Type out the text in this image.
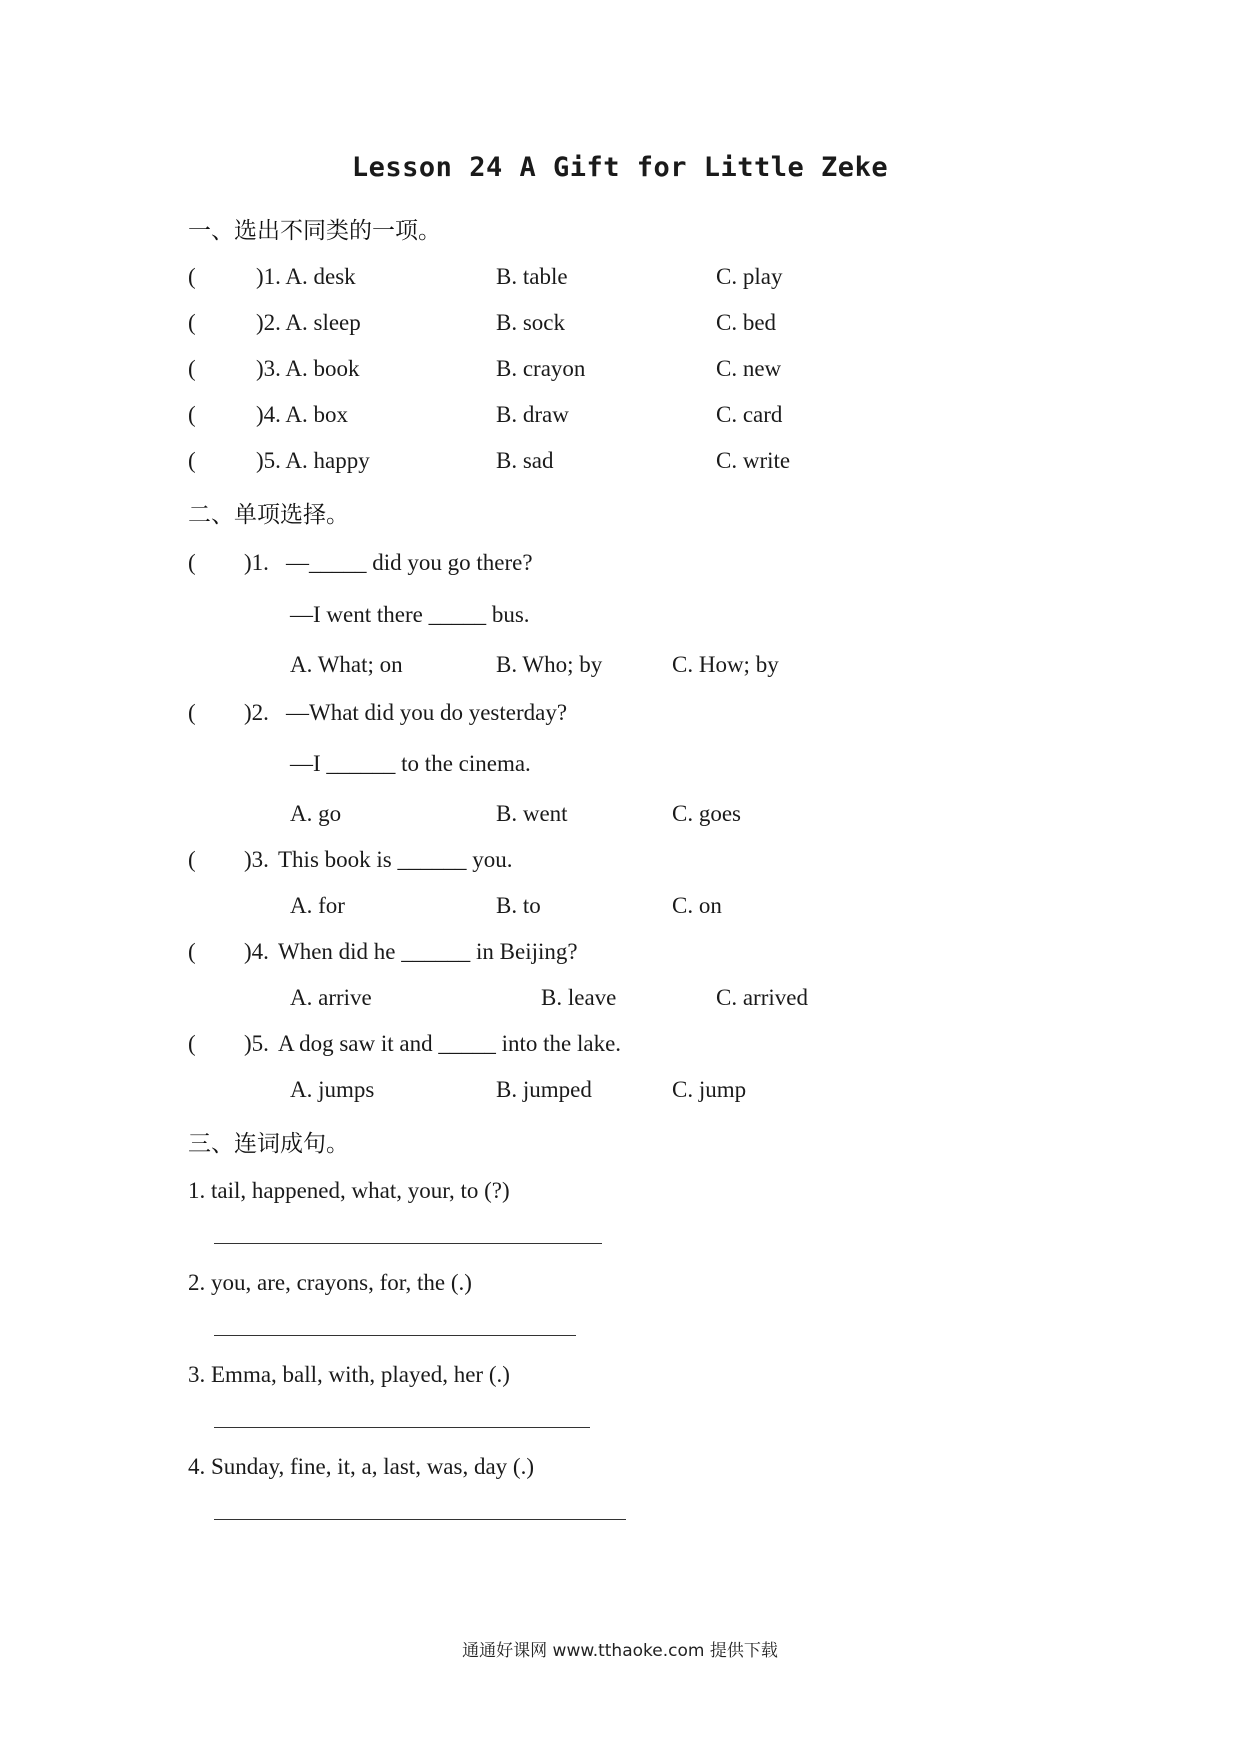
Lesson 24 A Gift for Little Zeke
一、选出不同类的一项。
(	)1. A. desk	B. table	C. play
(	)2. A. sleep	B. sock	C. bed
(	)3. A. book	B. crayon	C. new
(	)4. A. box	B. draw	C. card
(	)5. A. happy	B. sad	C. write
二、单项选择。
( )1. —_____ did you go there?
—I went there _____ bus.
A. What; on	B. Who; by	C. How; by
( )2. —What did you do yesterday?
—I ______ to the cinema.
A. go	B. went	C. goes
( )3. This book is ______ you.
A. for	B. to	C. on
( )4. When did he ______ in Beijing?
A. arrive	B. leave	C. arrived
( )5. A dog saw it and _____ into the lake.
A. jumps	B. jumped	C. jump
三、连词成句。
1. tail, happened, what, your, to (?)
2. you, are, crayons, for, the (.)
3. Emma, ball, with, played, her (.)
4. Sunday, fine, it, a, last, was, day (.)
通通好课网 www.tthaoke.com 提供下载
